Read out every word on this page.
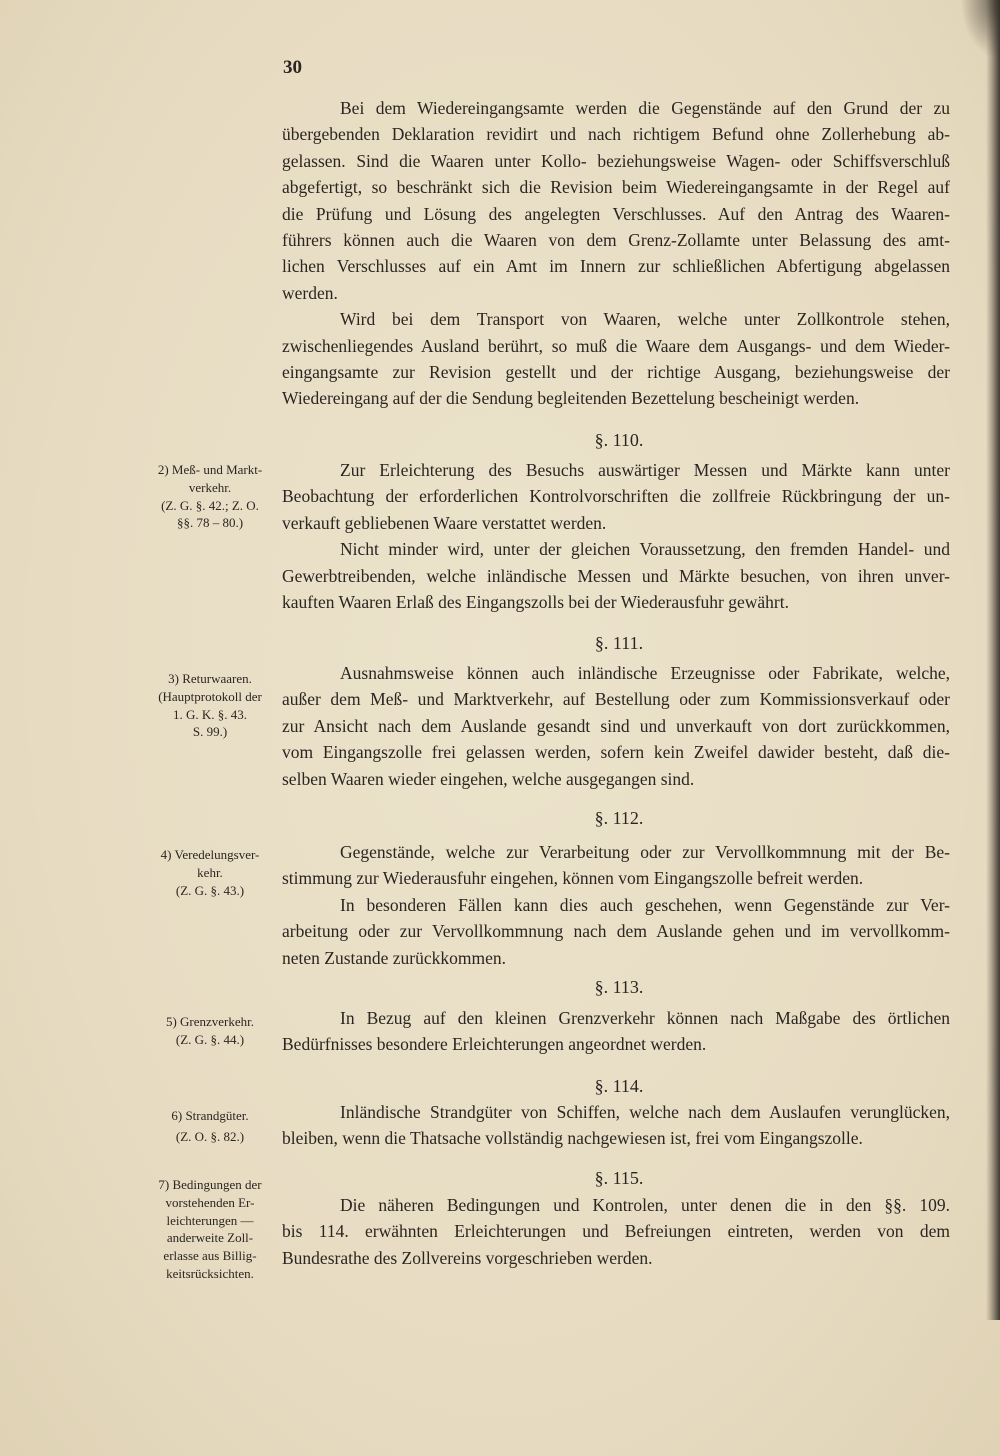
30
Bei dem Wiedereingangsamte werden die Gegenstände auf den Grund der zu
übergebenden Deklaration revidirt und nach richtigem Befund ohne Zollerhebung ab-
gelassen. Sind die Waaren unter Kollo- beziehungsweise Wagen- oder Schiffsverschluß
abgefertigt, so beschränkt sich die Revision beim Wiedereingangsamte in der Regel auf
die Prüfung und Lösung des angelegten Verschlusses. Auf den Antrag des Waaren-
führers können auch die Waaren von dem Grenz-Zollamte unter Belassung des amt-
lichen Verschlusses auf ein Amt im Innern zur schließlichen Abfertigung abgelassen
werden.
Wird bei dem Transport von Waaren, welche unter Zollkontrole stehen,
zwischenliegendes Ausland berührt, so muß die Waare dem Ausgangs- und dem Wieder-
eingangsamte zur Revision gestellt und der richtige Ausgang, beziehungsweise der
Wiedereingang auf der die Sendung begleitenden Bezettelung bescheinigt werden.
2) Meß- und Markt-
verkehr.
(Z. G. §. 42.; Z. O.
§§. 78 – 80.)
§. 110.
Zur Erleichterung des Besuchs auswärtiger Messen und Märkte kann unter
Beobachtung der erforderlichen Kontrolvorschriften die zollfreie Rückbringung der un-
verkauft gebliebenen Waare verstattet werden.
Nicht minder wird, unter der gleichen Voraussetzung, den fremden Handel- und
Gewerbtreibenden, welche inländische Messen und Märkte besuchen, von ihren unver-
kauften Waaren Erlaß des Eingangszolls bei der Wiederausfuhr gewährt.
3) Returwaaren.
(Hauptprotokoll der
1. G. K. §. 43.
S. 99.)
§. 111.
Ausnahmsweise können auch inländische Erzeugnisse oder Fabrikate, welche,
außer dem Meß- und Marktverkehr, auf Bestellung oder zum Kommissionsverkauf oder
zur Ansicht nach dem Auslande gesandt sind und unverkauft von dort zurückkommen,
vom Eingangszolle frei gelassen werden, sofern kein Zweifel dawider besteht, daß die-
selben Waaren wieder eingehen, welche ausgegangen sind.
4) Veredelungsver-
kehr.
(Z. G. §. 43.)
§. 112.
Gegenstände, welche zur Verarbeitung oder zur Vervollkommnung mit der Be-
stimmung zur Wiederausfuhr eingehen, können vom Eingangszolle befreit werden.
In besonderen Fällen kann dies auch geschehen, wenn Gegenstände zur Ver-
arbeitung oder zur Vervollkommnung nach dem Auslande gehen und im vervollkomm-
neten Zustande zurückkommen.
5) Grenzverkehr.
(Z. G. §. 44.)
§. 113.
In Bezug auf den kleinen Grenzverkehr können nach Maßgabe des örtlichen
Bedürfnisses besondere Erleichterungen angeordnet werden.
6) Strandgüter.
(Z. O. §. 82.)
§. 114.
Inländische Strandgüter von Schiffen, welche nach dem Auslaufen verunglücken,
bleiben, wenn die Thatsache vollständig nachgewiesen ist, frei vom Eingangszolle.
7) Bedingungen der
vorstehenden Er-
leichterungen —
anderweite Zoll-
erlasse aus Billig-
keitsrücksichten.
§. 115.
Die näheren Bedingungen und Kontrolen, unter denen die in den §§. 109.
bis 114. erwähnten Erleichterungen und Befreiungen eintreten, werden von dem
Bundesrathe des Zollvereins vorgeschrieben werden.
